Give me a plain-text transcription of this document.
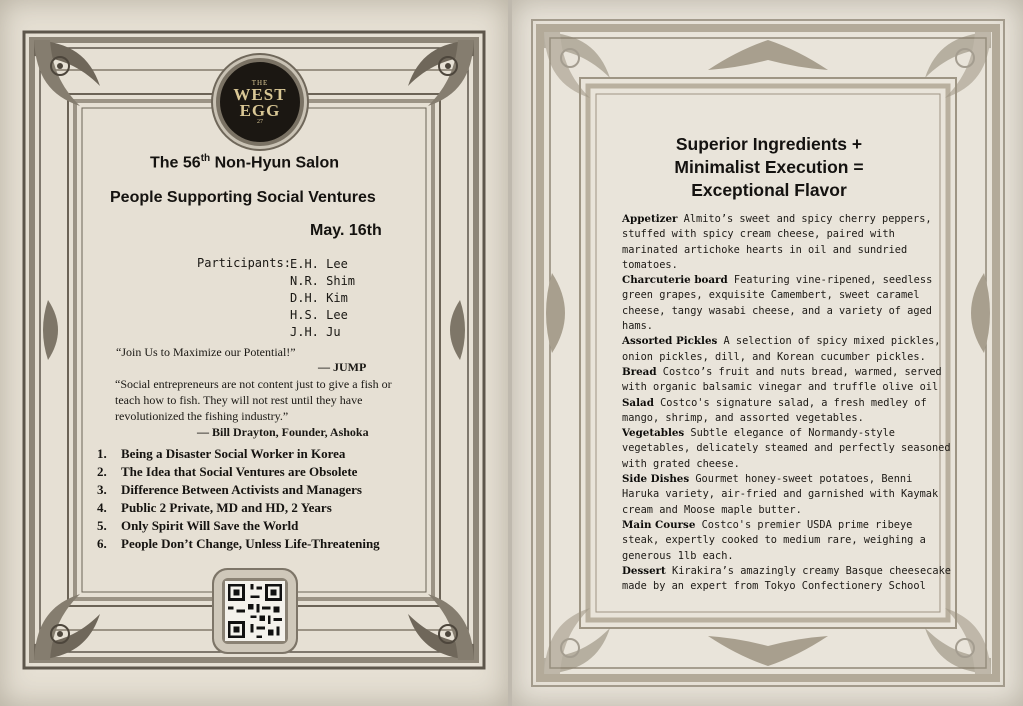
THE
WEST
EGG
27
The 56th Non-Hyun Salon
People Supporting Social Ventures
May. 16th
Participants: E.H. Lee
N.R. Shim
D.H. Kim
H.S. Lee
J.H. Ju
“Join Us to Maximize our Potential!”
— JUMP
“Social entrepreneurs are not content just to give a fish or teach how to fish. They will not rest until they have revolutionized the fishing industry.”
— Bill Drayton, Founder, Ashoka
1. Being a Disaster Social Worker in Korea
2. The Idea that Social Ventures are Obsolete
3. Difference Between Activists and Managers
4. Public 2 Private, MD and HD, 2 Years
5. Only Spirit Will Save the World
6. People Don’t Change, Unless Life-Threatening
Superior Ingredients +
Minimalist Execution =
Exceptional Flavor

Appetizer Almito’s sweet and spicy cherry peppers, stuffed with spicy cream cheese, paired with marinated artichoke hearts in oil and sundried tomatoes.

Charcuterie board Featuring vine-ripened, seedless green grapes, exquisite Camembert, sweet caramel cheese, tangy wasabi cheese, and a variety of aged hams.

Assorted Pickles A selection of spicy mixed pickles, onion pickles, dill, and Korean cucumber pickles.

Bread Costco’s fruit and nuts bread, warmed, served with organic balsamic vinegar and truffle olive oil

Salad Costco's signature salad, a fresh medley of mango, shrimp, and assorted vegetables.

Vegetables Subtle elegance of Normandy-style vegetables, delicately steamed and perfectly seasoned with grated cheese.

Side Dishes Gourmet honey-sweet potatoes, Benni Haruka variety, air-fried and garnished with Kaymak cream and Moose maple butter.

Main Course Costco's premier USDA prime ribeye steak, expertly cooked to medium rare, weighing a generous 1lb each.

Dessert Kirakira’s amazingly creamy Basque cheesecake made by an expert from Tokyo Confectionery School
